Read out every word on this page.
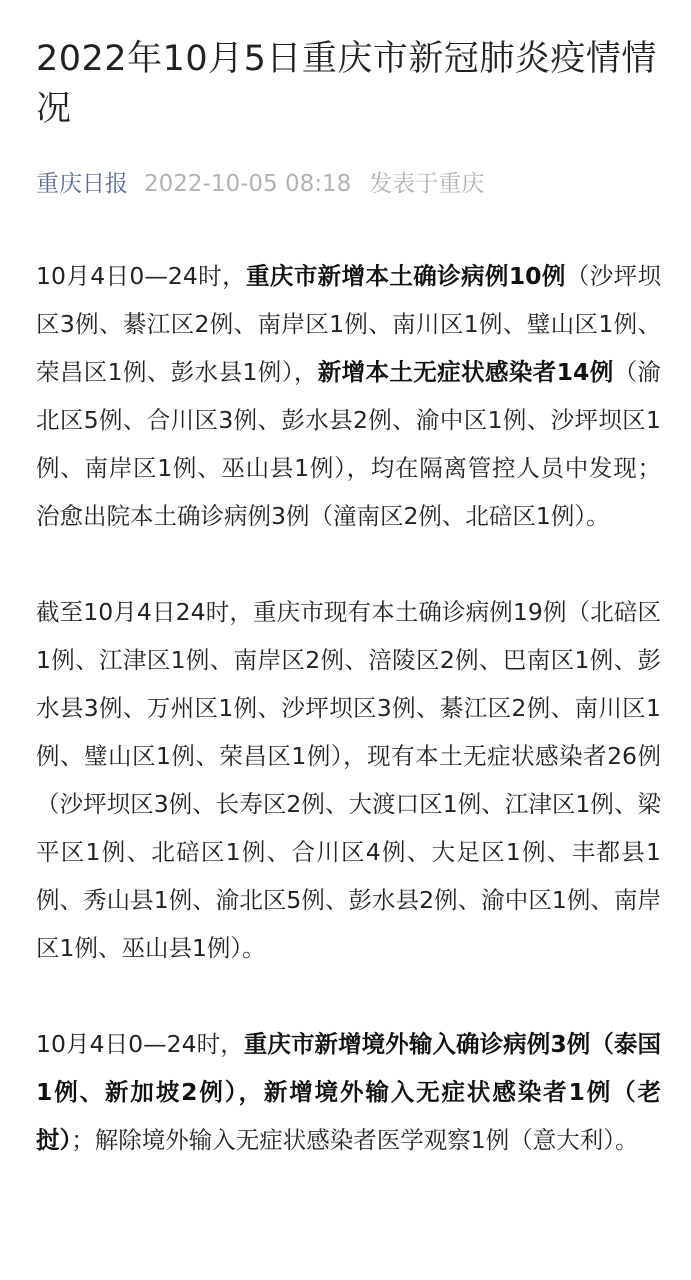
2022年10月5日重庆市新冠肺炎疫情情况
重庆日报 2022-10-05 08:18 发表于重庆

10月4日0—24时，重庆市新增本土确诊病例10例（沙坪坝区3例、綦江区2例、南岸区1例、南川区1例、璧山区1例、荣昌区1例、彭水县1例），新增本土无症状感染者14例（渝北区5例、合川区3例、彭水县2例、渝中区1例、沙坪坝区1例、南岸区1例、巫山县1例），均在隔离管控人员中发现；治愈出院本土确诊病例3例（潼南区2例、北碚区1例）。

截至10月4日24时，重庆市现有本土确诊病例19例（北碚区1例、江津区1例、南岸区2例、涪陵区2例、巴南区1例、彭水县3例、万州区1例、沙坪坝区3例、綦江区2例、南川区1例、璧山区1例、荣昌区1例），现有本土无症状感染者26例（沙坪坝区3例、长寿区2例、大渡口区1例、江津区1例、梁平区1例、北碚区1例、合川区4例、大足区1例、丰都县1例、秀山县1例、渝北区5例、彭水县2例、渝中区1例、南岸区1例、巫山县1例）。

10月4日0—24时，重庆市新增境外输入确诊病例3例（泰国1例、新加坡2例），新增境外输入无症状感染者1例（老挝）；解除境外输入无症状感染者医学观察1例（意大利）。
